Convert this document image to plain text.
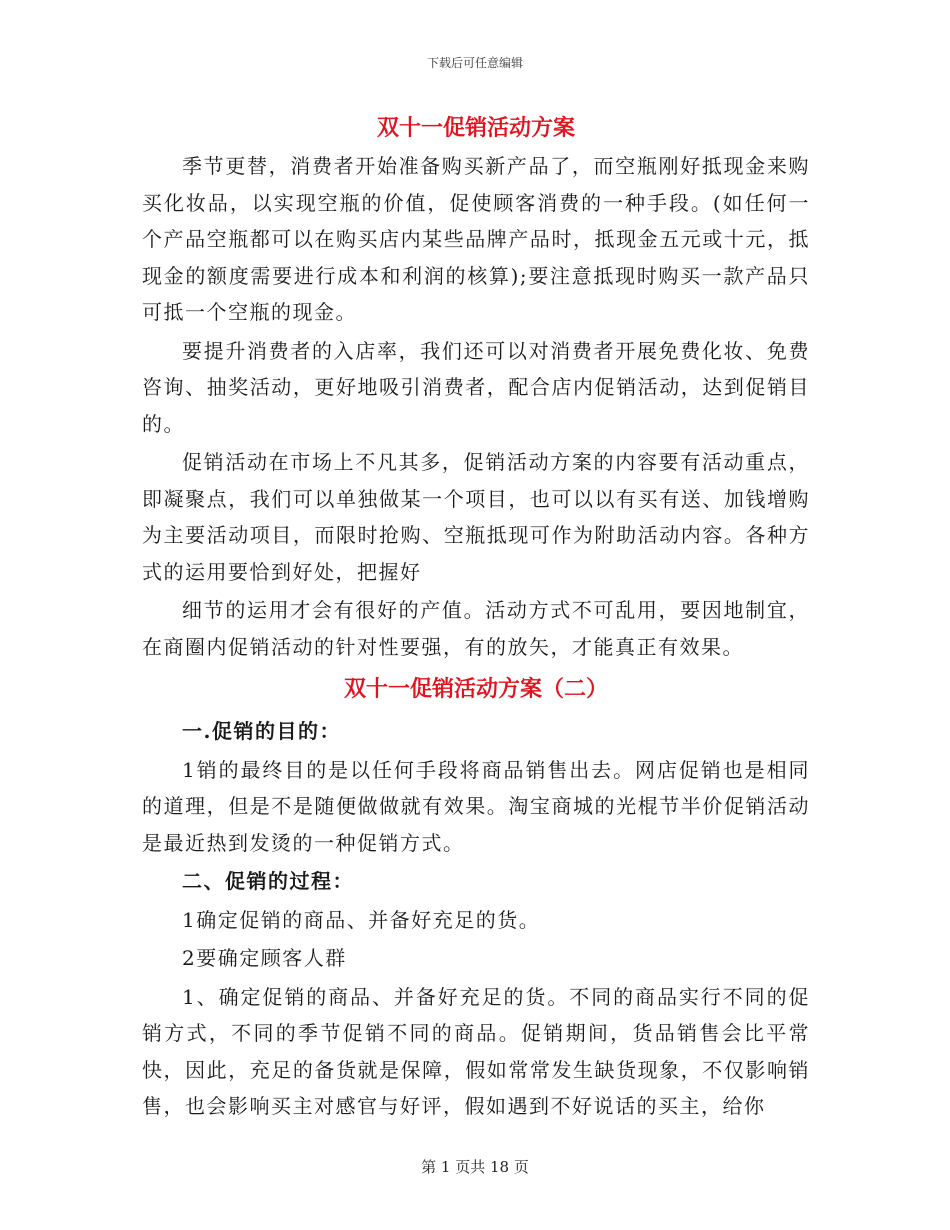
下载后可任意编辑
双十一促销活动方案

季节更替，消费者开始准备购买新产品了，而空瓶刚好抵现金来购买化妆品，以实现空瓶的价值，促使顾客消费的一种手段。(如任何一个产品空瓶都可以在购买店内某些品牌产品时，抵现金五元或十元，抵现金的额度需要进行成本和利润的核算);要注意抵现时购买一款产品只可抵一个空瓶的现金。

要提升消费者的入店率，我们还可以对消费者开展免费化妆、免费咨询、抽奖活动，更好地吸引消费者，配合店内促销活动，达到促销目的。

促销活动在市场上不凡其多，促销活动方案的内容要有活动重点，即凝聚点，我们可以单独做某一个项目，也可以以有买有送、加钱增购为主要活动项目，而限时抢购、空瓶抵现可作为附助活动内容。各种方式的运用要恰到好处，把握好

细节的运用才会有很好的产值。活动方式不可乱用，要因地制宜，在商圈内促销活动的针对性要强，有的放矢，才能真正有效果。

双十一促销活动方案（二）

一.促销的目的：

1销的最终目的是以任何手段将商品销售出去。网店促销也是相同的道理，但是不是随便做做就有效果。淘宝商城的光棍节半价促销活动是最近热到发烫的一种促销方式。

二、促销的过程：

1确定促销的商品、并备好充足的货。

2要确定顾客人群

1、确定促销的商品、并备好充足的货。不同的商品实行不同的促销方式，不同的季节促销不同的商品。促销期间，货品销售会比平常快，因此，充足的备货就是保障，假如常常发生缺货现象，不仅影响销售，也会影响买主对感官与好评，假如遇到不好说话的买主，给你

第 1 页共 18 页
